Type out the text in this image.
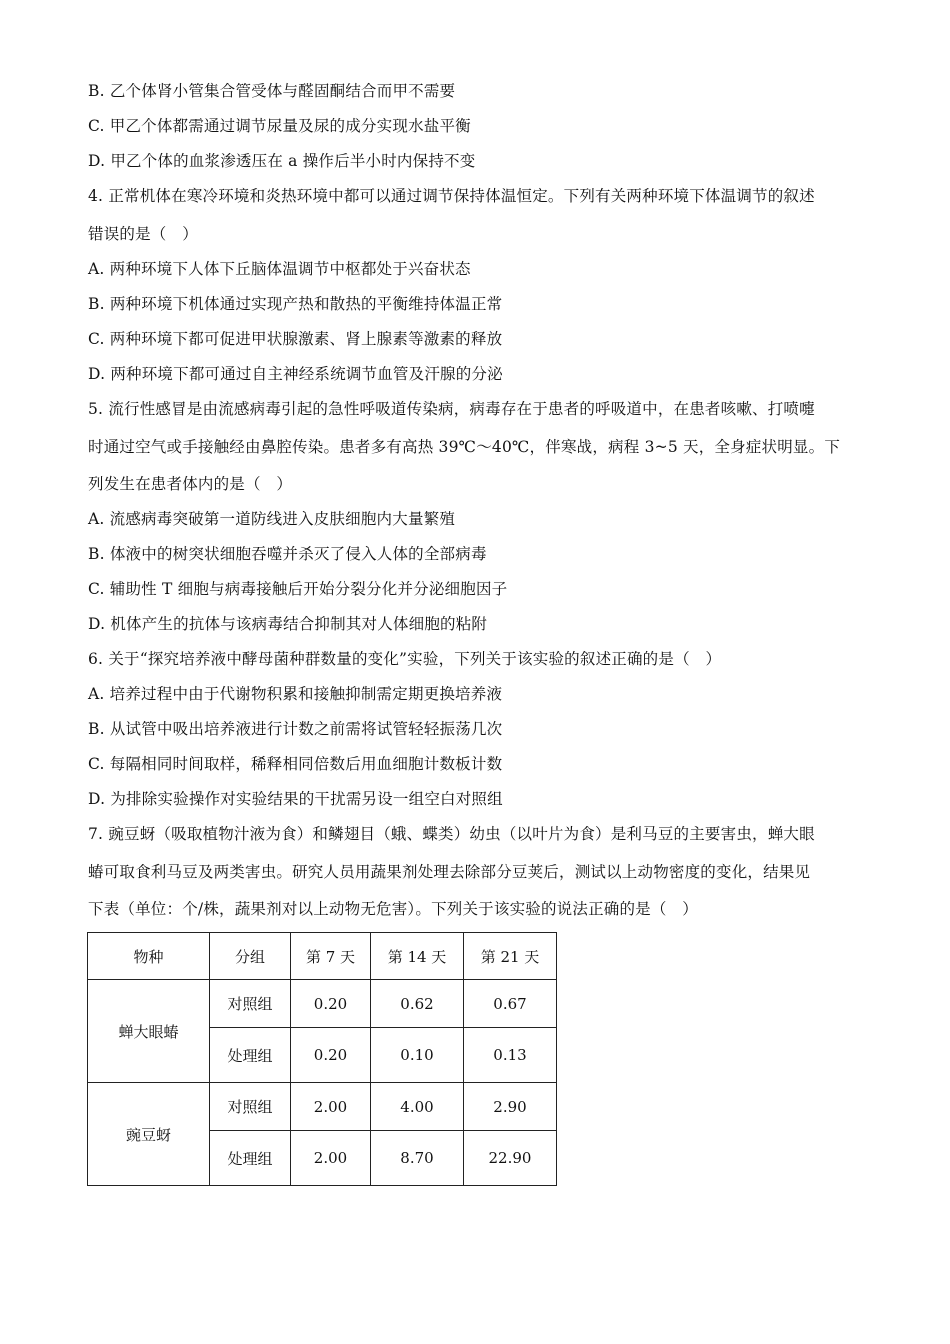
B. 乙个体肾小管集合管受体与醛固酮结合而甲不需要
C. 甲乙个体都需通过调节尿量及尿的成分实现水盐平衡
D. 甲乙个体的血浆渗透压在 a 操作后半小时内保持不变
4. 正常机体在寒冷环境和炎热环境中都可以通过调节保持体温恒定。下列有关两种环境下体温调节的叙述
错误的是（　）
A. 两种环境下人体下丘脑体温调节中枢都处于兴奋状态
B. 两种环境下机体通过实现产热和散热的平衡维持体温正常
C. 两种环境下都可促进甲状腺激素、肾上腺素等激素的释放
D. 两种环境下都可通过自主神经系统调节血管及汗腺的分泌
5. 流行性感冒是由流感病毒引起的急性呼吸道传染病，病毒存在于患者的呼吸道中，在患者咳嗽、打喷嚏
时通过空气或手接触经由鼻腔传染。患者多有高热 39℃～40℃，伴寒战，病程 3~5 天，全身症状明显。下
列发生在患者体内的是（　）
A. 流感病毒突破第一道防线进入皮肤细胞内大量繁殖
B. 体液中的树突状细胞吞噬并杀灭了侵入人体的全部病毒
C. 辅助性 T 细胞与病毒接触后开始分裂分化并分泌细胞因子
D. 机体产生的抗体与该病毒结合抑制其对人体细胞的粘附
6. 关于“探究培养液中酵母菌种群数量的变化”实验，下列关于该实验的叙述正确的是（　）
A. 培养过程中由于代谢物积累和接触抑制需定期更换培养液
B. 从试管中吸出培养液进行计数之前需将试管轻轻振荡几次
C. 每隔相同时间取样，稀释相同倍数后用血细胞计数板计数
D. 为排除实验操作对实验结果的干扰需另设一组空白对照组
7. 豌豆蚜（吸取植物汁液为食）和鳞翅目（蛾、蝶类）幼虫（以叶片为食）是利马豆的主要害虫，蝉大眼
蝽可取食利马豆及两类害虫。研究人员用蔬果剂处理去除部分豆荚后，测试以上动物密度的变化，结果见
下表（单位：个/株，蔬果剂对以上动物无危害）。下列关于该实验的说法正确的是（　）
物种	分组	第 7 天	第 14 天	第 21 天
蝉大眼蝽	对照组	0.20	0.62	0.67
	处理组	0.20	0.10	0.13
豌豆蚜	对照组	2.00	4.00	2.90
	处理组	2.00	8.70	22.90
